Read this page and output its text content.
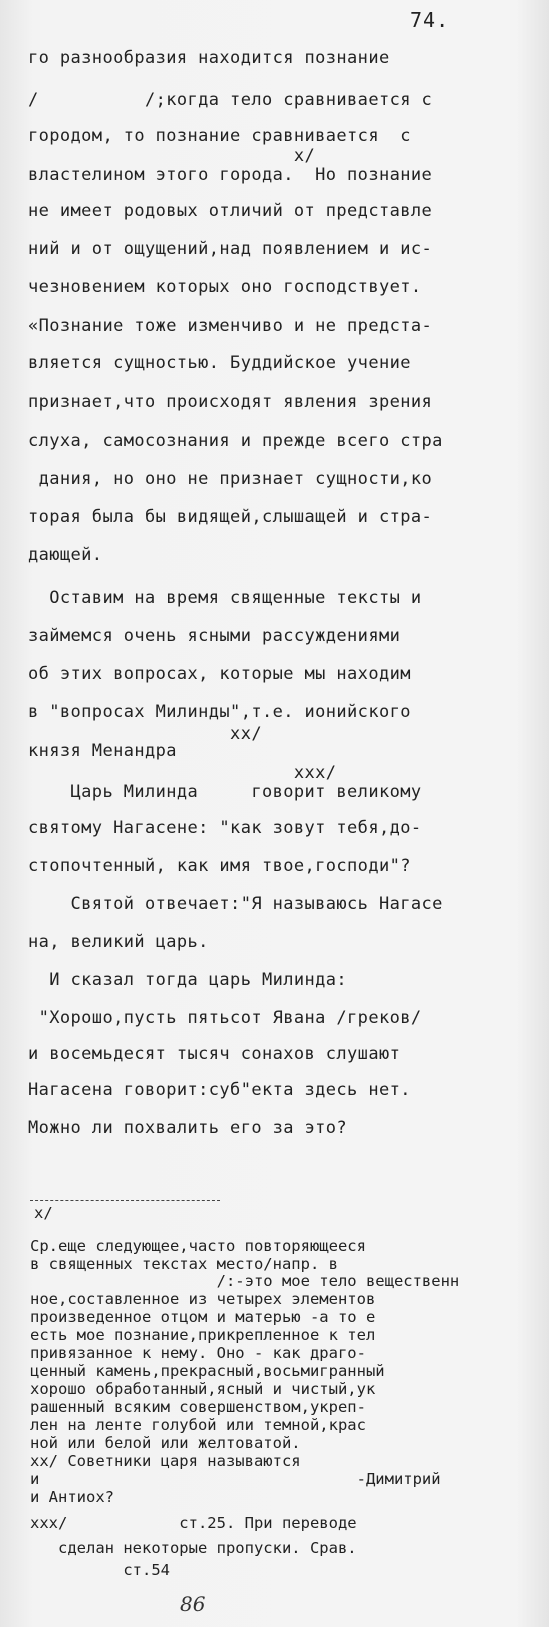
74.
го разнообразия находится познание
/          /;когда тело сравнивается с
городом, то познание сравнивается  с
x/
властелином этого города.  Но познание
не имеет родовых отличий от представле
ний и от ощущений,над появлением и ис-
чезновением которых оно господствует.
«Познание тоже изменчиво и не предста-
вляется сущностью. Буддийское учение
признает,что происходят явления зрения
слуха, самосознания и прежде всего стра
дания, но оно не признает сущности,ко
торая была бы видящей,слышащей и стра-
дающей.
Оставим на время священные тексты и
займемся очень ясными рассуждениями
об этих вопросах, которые мы находим
в "вопросах Милинды",т.е. ионийского
xx/
князя Менандра
xxx/
Царь Милинда     говорит великому
святому Нагасене: "как зовут тебя,до-
стопочтенный, как имя твое,господи"?
Святой отвечает:"Я называюсь Нагасе
на, великий царь.
И сказал тогда царь Милинда:
"Хорошо,пусть пятьсот Явана /греков/
и восемьдесят тысяч сонахов слушают
Нагасена говорит:суб"екта здесь нет.
Можно ли похвалить его за это?
x/
Ср.еще следующее,часто повторяющееся
в священных текстах место/напр. в
/:-это мое тело вещественн
ное,составленное из четырех элементов
произведенное отцом и матерью -а то е
есть мое познание,прикрепленное к тел
привязанное к нему. Оно - как драго-
ценный камень,прекрасный,восьмигранный
хорошо обработанный,ясный и чистый,ук
рашенный всяким совершенством,укреп-
лен на ленте голубой или темной,крас
ной или белой или желтоватой.
xx/ Советники царя называются
и                                  -Димитрий
и Антиох?
xxx/            ст.25. При переводе
сделан некоторые пропуски. Срав.
ст.54
86
